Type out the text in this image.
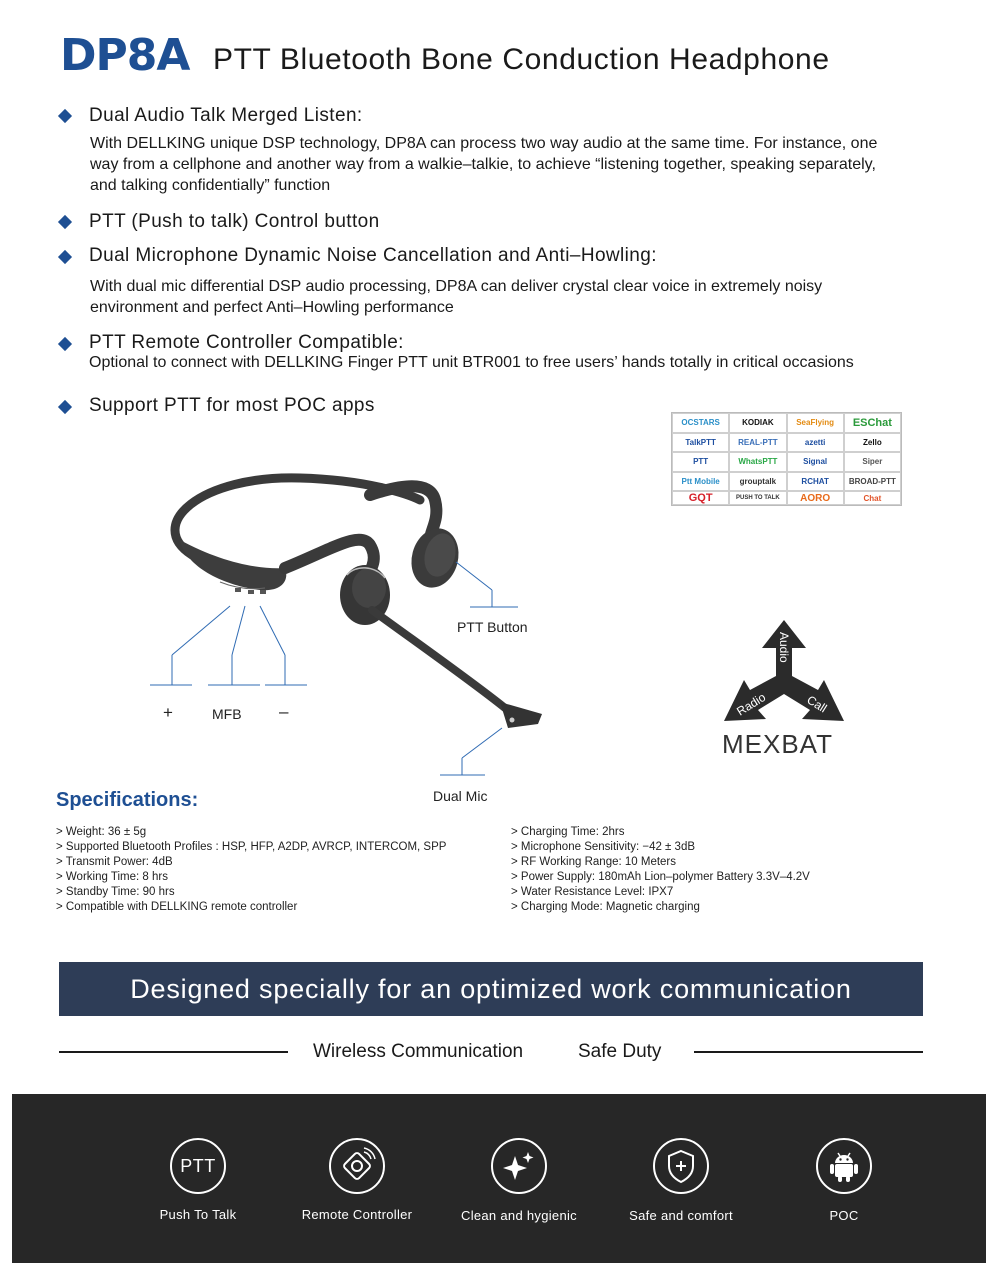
DP8A PTT Bluetooth Bone Conduction Headphone
Dual Audio Talk Merged Listen:
With DELLKING unique DSP technology, DP8A can process two way audio at the same time. For instance, one
way from a cellphone and another way from a walkie–talkie, to achieve “listening together, speaking separately,
and talking confidentially” function
PTT (Push to talk) Control button
Dual Microphone Dynamic Noise Cancellation and Anti–Howling:
With dual mic differential DSP audio processing, DP8A can deliver crystal clear voice in extremely noisy
environment and perfect Anti–Howling performance
PTT Remote Controller Compatible:
Optional to connect with DELLKING Finger PTT unit BTR001 to free users’ hands totally in critical occasions
Support PTT for most POC apps
OCSTARS	KODIAK	SeaFlying	ESChat
TalkPTT	REAL-PTT	azetti	Zello
PTT	WhatsPTT	Signal	Siper
Ptt Mobile	grouptalk	RCHAT	BROAD-PTT
GQT	PUSH TO TALK	AORO	Chat
+	MFB –
PTT Button
Dual Mic
Audio
Radio	Call
MEXBAT
Specifications:
> Weight: 36 ± 5g
> Supported Bluetooth Profiles : HSP, HFP, A2DP, AVRCP, INTERCOM, SPP
> Transmit Power: 4dB
> Working Time: 8 hrs
> Standby Time: 90 hrs
> Compatible with DELLKING remote controller
> Charging Time: 2hrs
> Microphone Sensitivity: −42 ± 3dB
> RF Working Range: 10 Meters
> Power Supply: 180mAh Lion–polymer Battery 3.3V–4.2V
> Water Resistance Level: IPX7
> Charging Mode: Magnetic charging
Designed specially for an optimized work communication
Wireless Communication	Safe Duty
PTT
Push To Talk	Remote Controller	Clean and hygienic	Safe and comfort	POC
